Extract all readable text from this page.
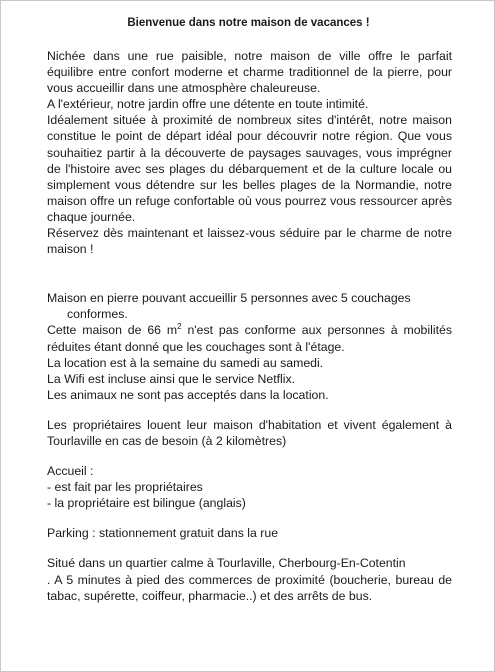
Bienvenue dans notre maison de vacances !

Nichée dans une rue paisible, notre maison de ville offre le parfait équilibre entre confort moderne et charme traditionnel de la pierre, pour vous accueillir dans une atmosphère chaleureuse.

A l'extérieur, notre jardin offre une détente en toute intimité.

Idéalement située à proximité de nombreux sites d'intérêt, notre maison constitue le point de départ idéal pour découvrir notre région. Que vous souhaitiez partir à la découverte de paysages sauvages, vous imprégner de l'histoire avec ses plages du débarquement et de la culture locale ou simplement vous détendre sur les belles plages de la Normandie, notre maison offre un refuge confortable où vous pourrez vous ressourcer après chaque journée.

Réservez dès maintenant et laissez-vous séduire par le charme de notre maison !

Maison en pierre pouvant accueillir 5 personnes avec 5 couchages
conformes.

Cette maison de 66 $m^2$ n'est pas conforme aux personnes à mobilités réduites étant donné que les couchages sont à l'étage.

La location est à la semaine du samedi au samedi.

La Wifi est incluse ainsi que le service Netflix.

Les animaux ne sont pas acceptés dans la location.

Les propriétaires louent leur maison d'habitation et vivent également à Tourlaville en cas de besoin (à 2 kilomètres)

Accueil :

- est fait par les propriétaires

- la propriétaire est bilingue (anglais)

Parking : stationnement gratuit dans la rue

Situé dans un quartier calme à Tourlaville, Cherbourg-En-Cotentin

. A 5 minutes à pied des commerces de proximité (boucherie, bureau de tabac, supérette, coiffeur, pharmacie..) et des arrêts de bus.
